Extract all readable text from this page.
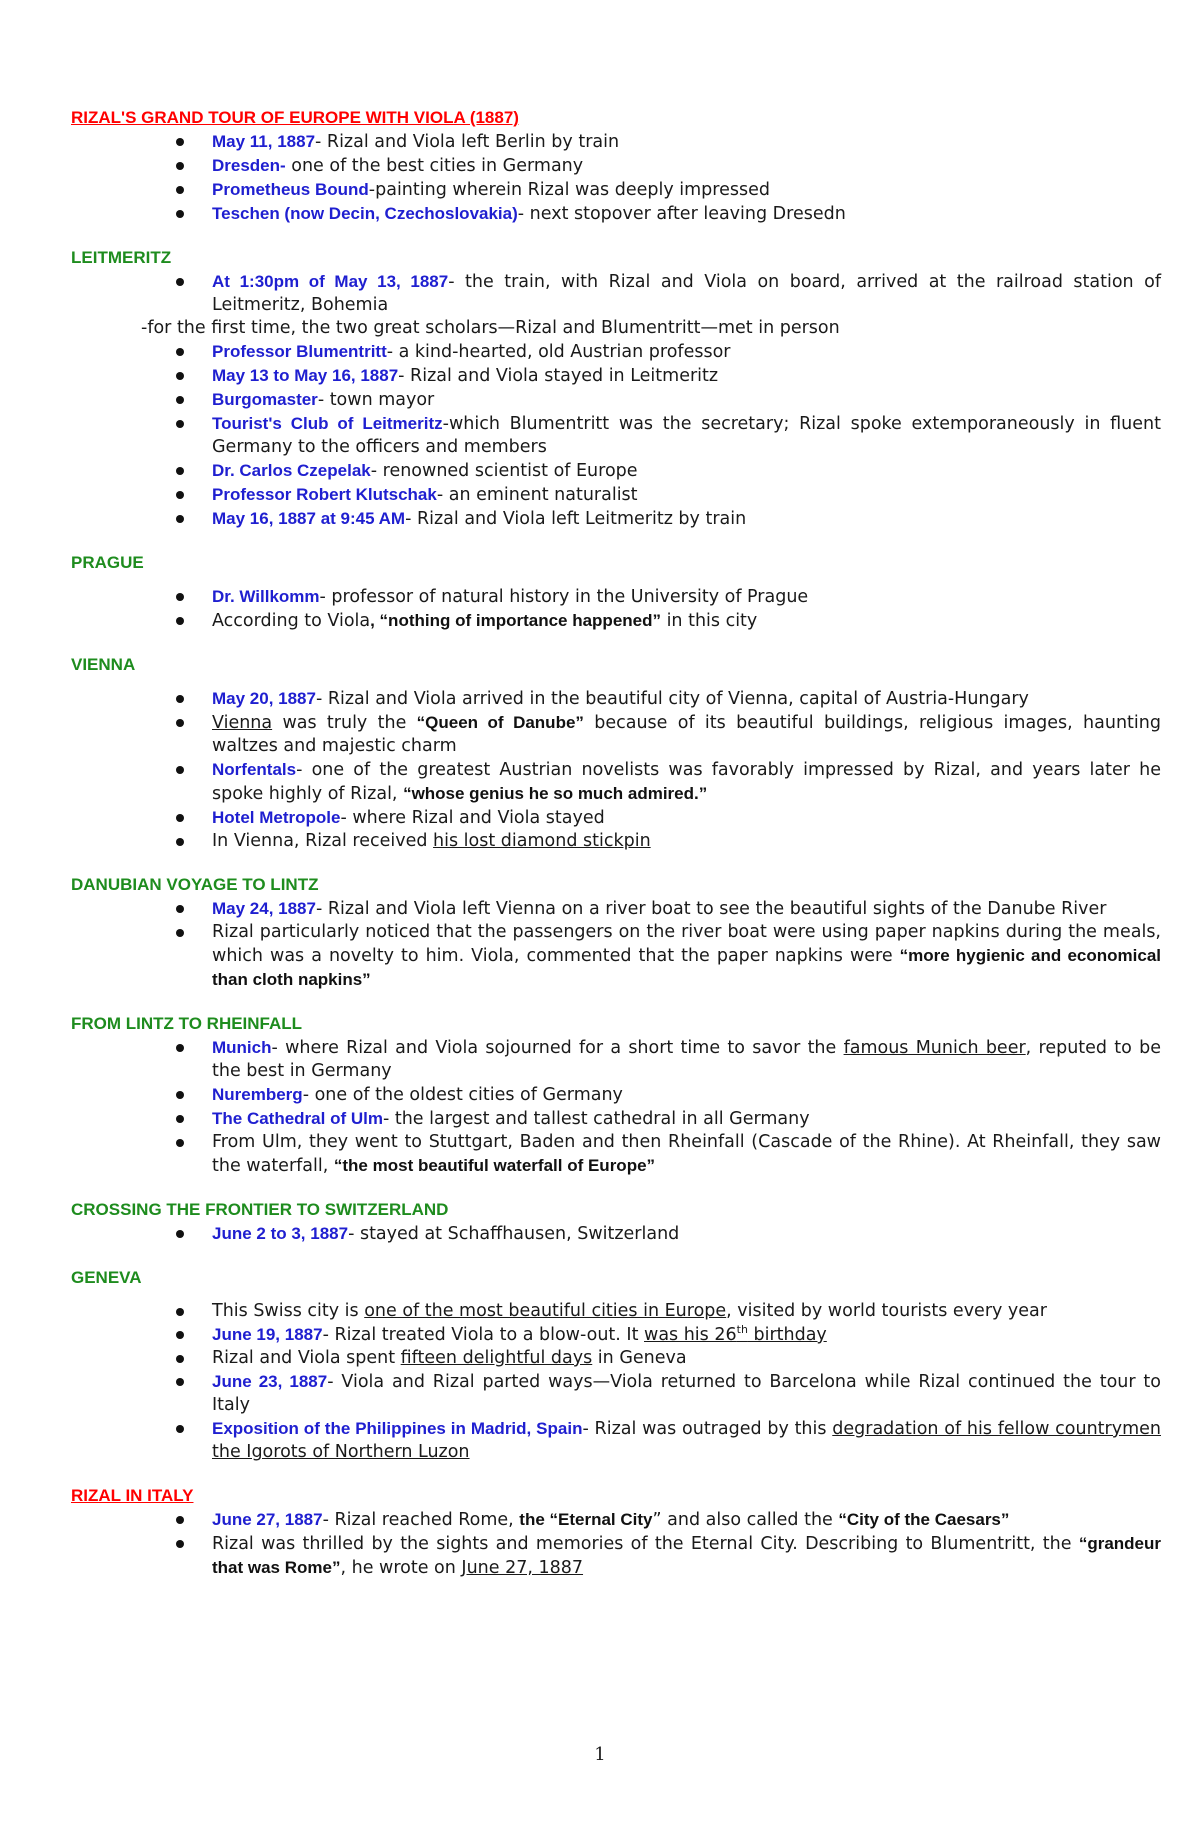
RIZAL'S GRAND TOUR OF EUROPE WITH VIOLA (1887)
May 11, 1887- Rizal and Viola left Berlin by train
Dresden- one of the best cities in Germany
Prometheus Bound-painting wherein Rizal was deeply impressed
Teschen (now Decin, Czechoslovakia)- next stopover after leaving Dresedn
LEITMERITZ
At 1:30pm of May 13, 1887- the train, with Rizal and Viola on board, arrived at the railroad station of Leitmeritz, Bohemia
-for the first time, the two great scholars—Rizal and Blumentritt—met in person
Professor Blumentritt- a kind-hearted, old Austrian professor
May 13 to May 16, 1887- Rizal and Viola stayed in Leitmeritz
Burgomaster- town mayor
Tourist's Club of Leitmeritz-which Blumentritt was the secretary; Rizal spoke extemporaneously in fluent Germany to the officers and members
Dr. Carlos Czepelak- renowned scientist of Europe
Professor Robert Klutschak- an eminent naturalist
May 16, 1887 at 9:45 AM- Rizal and Viola left Leitmeritz by train
PRAGUE
Dr. Willkomm- professor of natural history in the University of Prague
According to Viola, “nothing of importance happened” in this city
VIENNA
May 20, 1887- Rizal and Viola arrived in the beautiful city of Vienna, capital of Austria-Hungary
Vienna was truly the “Queen of Danube” because of its beautiful buildings, religious images, haunting waltzes and majestic charm
Norfentals- one of the greatest Austrian novelists was favorably impressed by Rizal, and years later he spoke highly of Rizal, “whose genius he so much admired.”
Hotel Metropole- where Rizal and Viola stayed
In Vienna, Rizal received his lost diamond stickpin
DANUBIAN VOYAGE TO LINTZ
May 24, 1887- Rizal and Viola left Vienna on a river boat to see the beautiful sights of the Danube River
Rizal particularly noticed that the passengers on the river boat were using paper napkins during the meals, which was a novelty to him. Viola, commented that the paper napkins were “more hygienic and economical than cloth napkins”
FROM LINTZ TO RHEINFALL
Munich- where Rizal and Viola sojourned for a short time to savor the famous Munich beer, reputed to be the best in Germany
Nuremberg- one of the oldest cities of Germany
The Cathedral of Ulm- the largest and tallest cathedral in all Germany
From Ulm, they went to Stuttgart, Baden and then Rheinfall (Cascade of the Rhine). At Rheinfall, they saw the waterfall, “the most beautiful waterfall of Europe”
CROSSING THE FRONTIER TO SWITZERLAND
June 2 to 3, 1887- stayed at Schaffhausen, Switzerland
GENEVA
This Swiss city is one of the most beautiful cities in Europe, visited by world tourists every year
June 19, 1887- Rizal treated Viola to a blow-out. It was his 26th birthday
Rizal and Viola spent fifteen delightful days in Geneva
June 23, 1887- Viola and Rizal parted ways—Viola returned to Barcelona while Rizal continued the tour to Italy
Exposition of the Philippines in Madrid, Spain- Rizal was outraged by this degradation of his fellow countrymen the Igorots of Northern Luzon
RIZAL IN ITALY
June 27, 1887- Rizal reached Rome, the “Eternal City” and also called the “City of the Caesars”
Rizal was thrilled by the sights and memories of the Eternal City. Describing to Blumentritt, the “grandeur that was Rome”, he wrote on June 27, 1887
1
